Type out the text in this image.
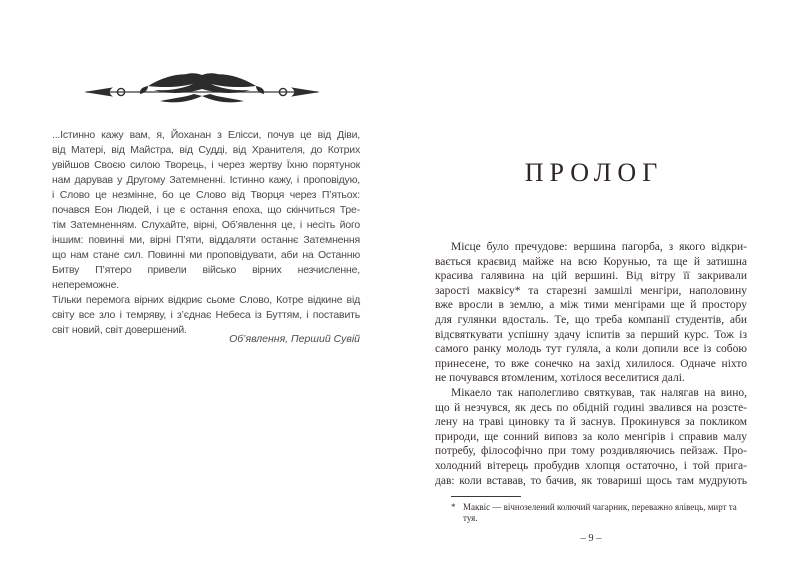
...Істинно кажу вам, я, Йоханан з Елісси, почув це від Діви,
від Матері, від Майстра, від Судді, від Хранителя, до Котрих
увійшов Своєю силою Творець, і через жертву Їхню порятунок
нам дарував у Другому Затемненні. Істинно кажу, і проповідую,
і Слово це незмінне, бо це Слово від Творця через П’ятьох:
почався Еон Людей, і це є остання епоха, що скінчиться Тре-
тім Затемненням. Слухайте, вірні, Об’явлення це, і несіть його
іншим: повинні ми, вірні П’яти, віддаляти останнє Затемнення
що нам стане сил. Повинні ми проповідувати, аби на Останню
Битву П’ятеро привели військо вірних незчисленне, непереможне.
Тільки перемога вірних відкриє сьоме Слово, Котре відкине від
світу все зло і темряву, і з’єднає Небеса із Буттям, і поставить
світ новий, світ довершений.
Об’явлення, Перший Сувій
ПРОЛОГ
Місце було пречудове: вершина пагорба, з якого відкри-
вається краєвид майже на всю Корунью, та ще й затишна
красива галявина на цій вершині. Від вітру її закривали
зарості маквісу* та старезні замшілі менгіри, наполовину
вже вросли в землю, а між тими менгірами ще й простору
для гулянки вдосталь. Те, що треба компанії студентів, аби
відсвяткувати успішну здачу іспитів за перший курс. Тож із
самого ранку молодь тут гуляла, а коли допили все із собою
принесене, то вже сонечко на захід хилилося. Одначе ніхто
не почувався втомленим, хотілося веселитися далі.
Мікаело так наполегливо святкував, так налягав на вино,
що й незчувся, як десь по обідній годині звалився на розсте-
лену на траві циновку та й заснув. Прокинувся за покликом
природи, ще сонний виповз за коло менгірів і справив малу
потребу, філософічно при тому роздивляючись пейзаж. Про-
холодний вітерець пробудив хлопця остаточно, і той прига-
дав: коли вставав, то бачив, як товариші щось там мудрують
* Маквіс — вічнозелений колючий чагарник, переважно ялівець, мирт та туя.
– 9 –
